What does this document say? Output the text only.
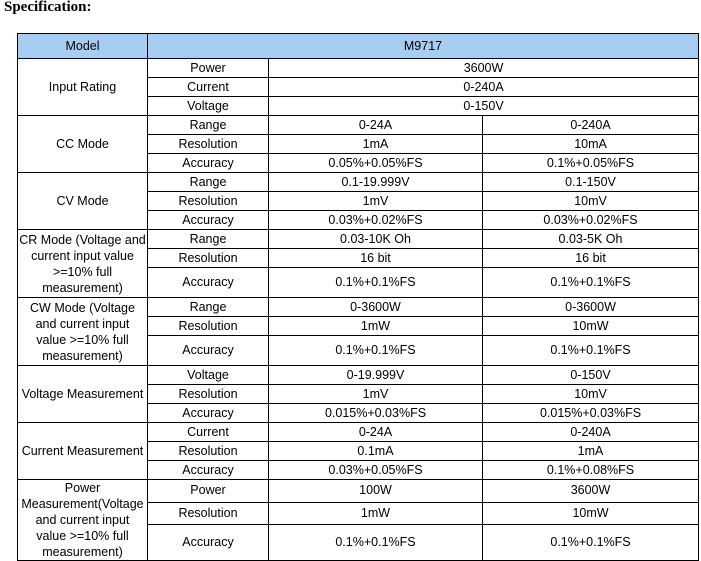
Specification:
Model	M9717		
Input Rating	Power	3600W	
	Current	0-240A	
	Voltage	0-150V	
CC Mode	Range	0-24A	0-240A
	Resolution	1mA	10mA
	Accuracy	0.05%+0.05%FS	0.1%+0.05%FS
CV Mode	Range	0.1-19.999V	0.1-150V
	Resolution	1mV	10mV
	Accuracy	0.03%+0.02%FS	0.03%+0.02%FS
CR Mode (Voltage and current input value >=10% full measurement)	Range	0.03-10K Oh	0.03-5K Oh
	Resolution	16 bit	16 bit
	Accuracy	0.1%+0.1%FS	0.1%+0.1%FS
CW Mode (Voltage and current input value >=10% full measurement)	Range	0-3600W	0-3600W
	Resolution	1mW	10mW
	Accuracy	0.1%+0.1%FS	0.1%+0.1%FS
Voltage Measurement	Voltage	0-19.999V	0-150V
	Resolution	1mV	10mV
	Accuracy	0.015%+0.03%FS	0.015%+0.03%FS
Current Measurement	Current	0-24A	0-240A
	Resolution	0.1mA	1mA
	Accuracy	0.03%+0.05%FS	0.1%+0.08%FS
Power Measurement(Voltage and current input value >=10% full measurement)	Power	100W	3600W
	Resolution	1mW	10mW
	Accuracy	0.1%+0.1%FS	0.1%+0.1%FS
